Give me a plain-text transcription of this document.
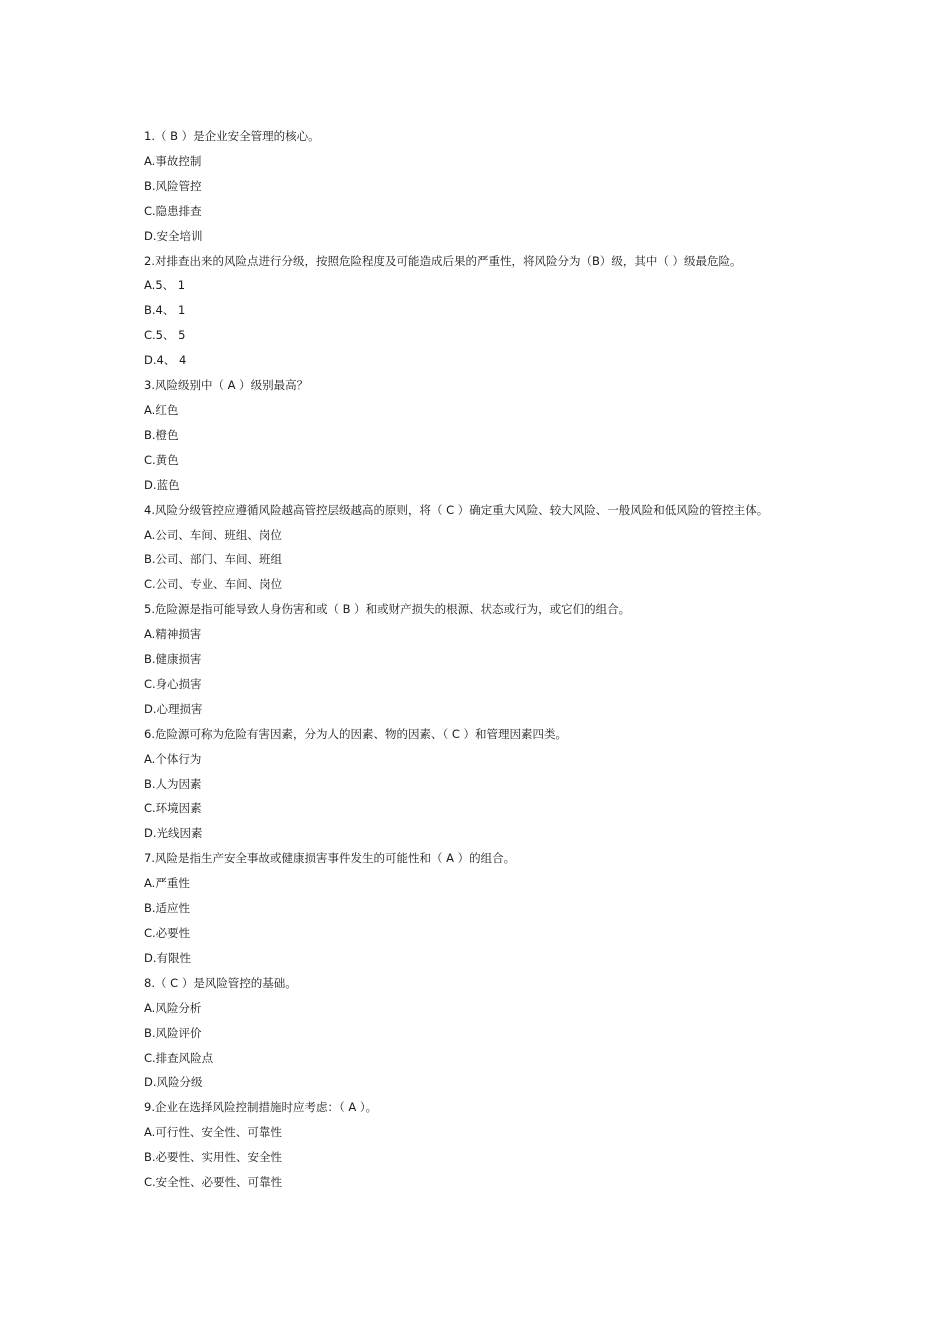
1.（ B ）是企业安全管理的核心。
A.事故控制
B.风险管控
C.隐患排查
D.安全培训
2.对排查出来的风险点进行分级，按照危险程度及可能造成后果的严重性，将风险分为（B）级，其中（ ）级最危险。
A.5、 1
B.4、 1
C.5、 5
D.4、 4
3.风险级别中（ A ）级别最高？
A.红色
B.橙色
C.黄色
D.蓝色
4.风险分级管控应遵循风险越高管控层级越高的原则，将（ C ）确定重大风险、较大风险、一般风险和低风险的管控主体。
A.公司、车间、班组、岗位
B.公司、部门、车间、班组
C.公司、专业、车间、岗位
5.危险源是指可能导致人身伤害和或（ B ）和或财产损失的根源、状态或行为，或它们的组合。
A.精神损害
B.健康损害
C.身心损害
D.心理损害
6.危险源可称为危险有害因素，分为人的因素、物的因素、（ C ）和管理因素四类。
A.个体行为
B.人为因素
C.环境因素
D.光线因素
7.风险是指生产安全事故或健康损害事件发生的可能性和（ A ）的组合。
A.严重性
B.适应性
C.必要性
D.有限性
8.（ C ）是风险管控的基础。
A.风险分析
B.风险评价
C.排查风险点
D.风险分级
9.企业在选择风险控制措施时应考虑：（ A ）。
A.可行性、安全性、可靠性
B.必要性、实用性、安全性
C.安全性、必要性、可靠性
